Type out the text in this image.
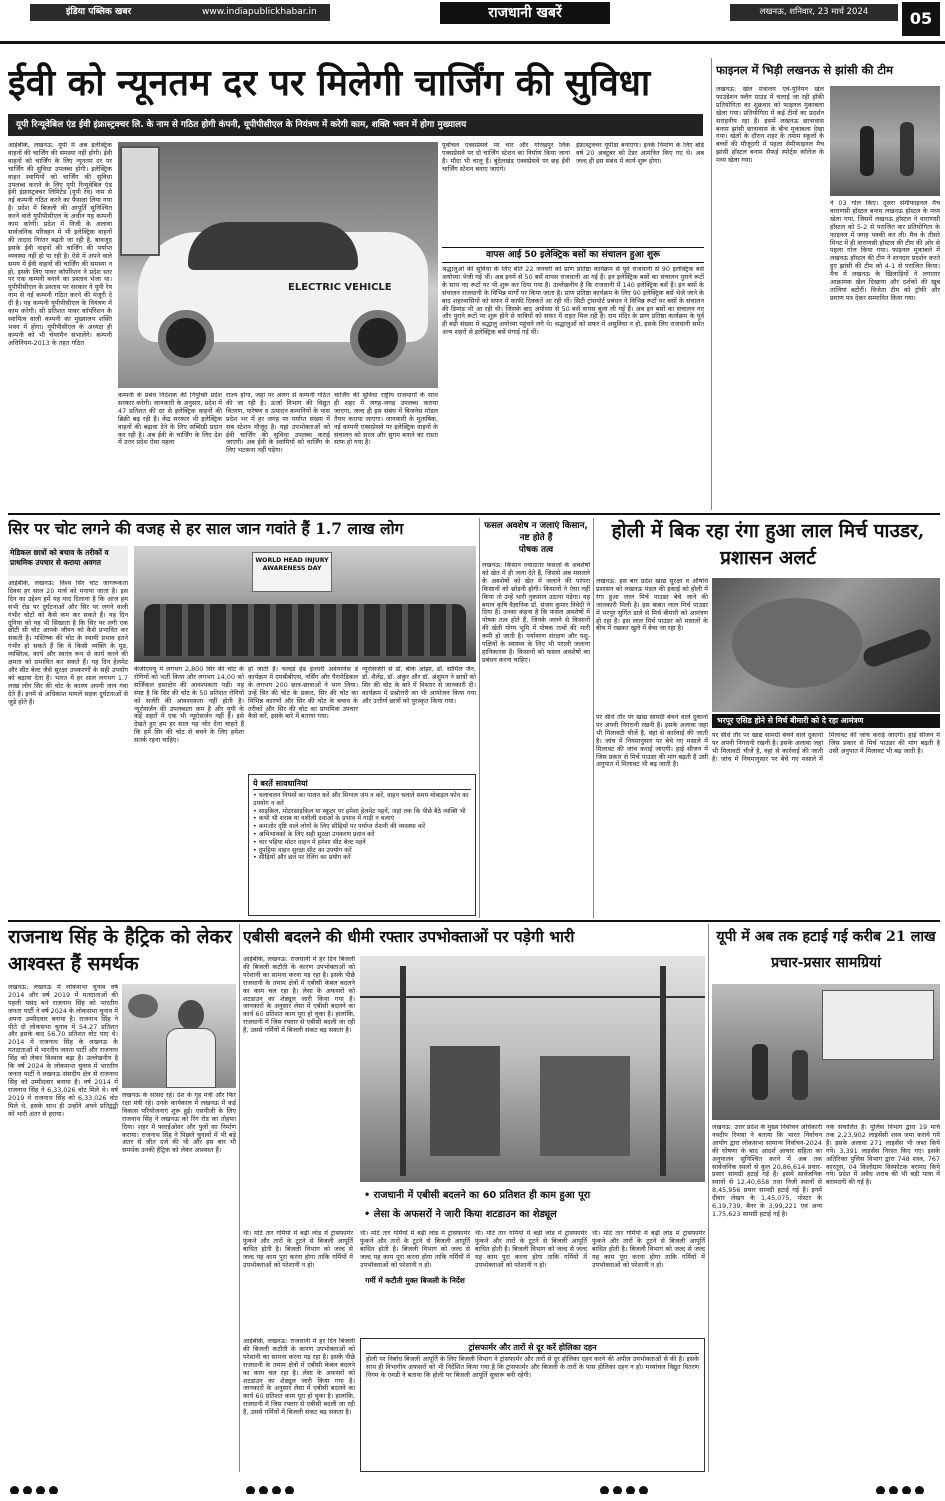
इंडिया पब्लिक खबर	www.indiapublickhabar.in	राजधानी खबरें	लखनऊ, शनिवार, 23 मार्च 2024	05
ईवी को न्यूनतम दर पर मिलेगी चार्जिंग की सुविधा
यूपी रिन्यूवेबिल एंड ईवी इंफ्रास्ट्रक्चर लि. के नाम से गठित होगी कंपनी, यूपीपीसीएल के नियंत्रण में करेगी काम, शक्ति भवन में होगा मुख्यालय
आईबीके, लखनऊ: यूपी में अब इलेक्ट्रिक वाहनों की चार्जिंग की समस्या नहीं होगी। ईवी वाहनों को चार्जिंग के लिए न्यूनतम दर पर चार्जिंग की सुविधा उपलब्ध होगी। इलेक्ट्रिक वाहन स्वामियों को चार्जिंग की सुविधा उपलब्ध कराने के लिए यूपी रिन्यूवेबिल एंड ईवी इंफ्रास्ट्रक्चर लिमिटेड (यूपी रेव) नाम से नई कम्पनी गठित करने का फैसला लिया गया है। प्रदेश में बिजली की आपूर्ति सुनिश्चित करने वाले यूपीपीसीएल के अधीन यह कम्पनी काम करेगी। प्रदेश में निजी के अलावा सार्वजनिक परिवहन में भी इलेक्ट्रिक वाहनों की तादाद निरंतर बढ़ती जा रही है, बावजूद इसके ईवी वाहनों की चार्जिंग की पर्याप्त व्यवस्था नहीं हो पा रही है। ऐसे में अपने वाले समय में ईवी वाहनों की चार्जिंग की समस्या न हो, इसके लिए पावर कॉर्पोरेशन ने प्रदेश स्तर पर एक कम्पनी बनाने का प्रस्ताव भेजा था। यूपीपीसीएल के प्रस्ताव पर सरकार ने यूपी रेव नाम से नई कम्पनी गठित करने की मंजूरी दे दी है। यह कम्पनी यूपीपीसीएल के नियंत्रण में काम करेगी। सी प्रतिशत पावर कॉर्पोरेशन के स्वामित्व वाली कम्पनी का मुख्यालय शक्ति भवन में होगा। यूपीपीसीएल के अध्यक्ष ही कम्पनी को भी चेयरमैन संभालेंगे। कम्पनी अधिनियम-2013 के तहत गठित
ELECTRIC VEHICLE
कम्पनी के प्रबंध निदेशक की नियुक्ति प्रदेश सरकार करेगी। जानकारी के अनुसार, प्रदेश में 47 प्रतिशत की दर से इलेक्ट्रिक वाहनों की ब्रिक्री बढ़ रही है। केंद्र सरकार भी इलेक्ट्रिक वाहनों की बढ़ावा देने के लिए सब्सिडी प्रदान कर रही है। अब ईवी के चार्जिंग के लिए देश में उत्तर प्रदेश ऐसा पहला
राज्य होगा, जहां पर अलग से कम्पनी गठित की जा रही है। ऊर्जा विभाग की विद्युत वितरण, पारेषण व उत्पादन कम्पनियों के पास प्रदेश भर में हर जगह पर पर्याप्त संख्या में सब स्टेशन मौजूद है। यहां उपभोक्ताओं को ईवी चार्जिंग की सुविधा उपलब्ध कराई जाएगी। अब ईवी के स्वामियों को चार्जिंग के लिए भटकना नहीं पड़ेगा।
चार्जिंग की सुविधा राष्ट्रीय राजमार्गों के साथ ही शहर में जगह-जगह उपलब्ध कराया जाएगा, जल्द ही इस संबंध में बिजनेस मॉडल तैयार कराया जाएगा। जानकारी के मुताबिक, नई कम्पनी एक्सप्रेसवे पर इलेक्ट्रिक वाहनों के संचालन को सरल और सुगम बनाने का रास्ता साफ हो गया है।
पूर्वांचल एक्सप्रेसवे पर चार और गोरखपुर लिंक एक्सप्रेसवे पर दो चार्जिंग स्टेशन का निर्माण किया जाना है। मौदा भी चालू हैं। बुंदेलखंड एक्सप्रेसवे पर छह ईवी चार्जिंग स्टेशन बनाए जाएंगे।
इंफ्रास्ट्रक्चर यूपीडा बनाएगा। इनके निर्माण के लिए बोर्ड वर्ष 20 अक्टूबर को टेंडर आमंत्रित किए गए थे। अब जल्द ही इस संबंध में कार्य शुरू होगा।
वापस आई 50 इलेक्ट्रिक बसों का संचालन हुआ शुरू
श्रद्धालुओं की सुविधा के लिए बीते 22 जनवरी को प्राण प्रतिष्ठा कार्यक्रम से पूर्व राजधानी से 90 इलेक्ट्रिक बसें अयोध्या भेजी गई थीं। अब इनमें से 50 बसें वापस राजधानी आ गई हैं। इन इलेक्ट्रिक बसों का संचालन पुराने रूटों के साथ नए रूटों पर भी शुरू कर दिया गया है। उल्लेखनीय है कि राजधानी में 140 इलेक्ट्रिक बसें हैं। इन बसों के संचालन राजधानी के विभिन्न मार्गों पर किया जाता है। प्राण प्रतिष्ठा कार्यक्रम के लिए 90 इलेक्ट्रिक बसें भेजे जाने के बाद शहरवासियों को सफर में काफी दिक्कतें आ रही थीं। सिटी ट्रांसपोर्ट प्रबंधन ने विभिन्न रूटों पर बसों के संचालन की डिमांड भी आ रही थी। जिसके बाद अयोध्या से 50 बसें वापस बुला ली गई हैं। अब इन बसों का संचालन नए और पुराने रूटों पर शुरू होने से यात्रियों को सफर में राहत मिल रही है। राम मंदिर के प्राण प्रतिष्ठा कार्यक्रम के पूर्व ही बड़ी संख्या में श्रद्धालु अयोध्या पहुंचने लगे थे। श्रद्धालुओं को सफर में असुविधा न हो, इसके लिए राजधानी समेत अन्य शहरों से इलेक्ट्रिक बसें मंगाई गई थीं।
फाइनल में भिड़ी लखनऊ से झांसी की टीम
लखनऊ: खेल मंत्रालय एवं-युनियन खेल फाउंडेशन फ्लैग ग्राउंड में चलाई जा रही हॉकी प्रतियोगिता का शुक्रवार को फाइनल मुकाबला खेला गया। प्रतियोगिता में कई टीमों का प्रदर्शन सराहनीय रहा है। इसमें लखनऊ छात्रावास बनाम झांसी छात्रावास के बीच मुकाबला देखा गया। खेलों के दौरान शहर के तमाम स्कूलों के बच्चों की मौजूदगी में पहला सेमीफाइनल मैच झांसी हॉस्टल बनाम सैफई स्पोर्ट्स कॉलेज के मध्य खेला गया।
ने 03 गोल किए। दूसरा सेमीफाइनल मैच वाराणसी हॉस्टल बनाम लखनऊ हॉस्टल के मध्य खेला गया, जिसमें लखनऊ हॉस्टल ने वाराणसी हॉस्टल को 5-2 से पराजित कर प्रतियोगिता के फाइनल में जगह पक्की कर ली। मैच के तीसरे मिनट में ही वाराणसी हॉस्टल की टीम की ओर से पहला गोल किया गया। फाइनल मुकाबले में लखनऊ हॉस्टल की टीम ने शानदार प्रदर्शन करते हुए झांसी की टीम को 4-1 से पराजित किया। मैच में लखनऊ के खिलाड़ियों ने लगातार आक्रामक खेल दिखाया और दर्शकों की खूब तालियां बटोरीं। विजेता टीम को ट्रॉफी और प्रमाण पत्र देकर सम्मानित किया गया।
सिर पर चोट लगने की वजह से हर साल जान गवांते हैं 1.7 लाख लोग
मेडिकल छात्रों को बचाव के तरीकों व प्राथमिक उपचार से कराया अवगत
आईबीके, लखनऊ: विश्व सिर चोट जागरूकता दिवस हर साल 20 मार्च को मनाया जाता है। इस दिन का उद्देश्य हमें यह याद दिलाना है कि आज हम सभी रोड पर दुर्घटनाओं और सिर पर लगने वाली गंभीर चोटों को कैसे कम कर सकते हैं। यह दिन दुनिया को यह भी सिखाता है कि सिर पर लगी एक छोटी सी चोट आपके जीवन को कैसे प्रभावित कर सकती है। मस्तिष्क की चोट के स्थायी प्रभाव इतने गंभीर हो सकते हैं कि वे किसी व्यक्ति के मूड, व्यक्तित्व, कार्य और स्वतंत्र रूप से कार्य करने की क्षमता को प्रभावित कर सकते हैं। यह दिन हेलमेट और सीट बेल्ट जैसे सुरक्षा उपकरणों के सही उपयोग को बढ़ावा देता है। भारत में हर साल लगभग 1.7 लाख लोग सिर की चोट के कारण अपनी जान गंवा देते हैं। इनमें से अधिकांश मामले सड़क दुर्घटनाओं से जुड़े होते हैं।
WORLD HEAD INJURY AWARENESS DAY
केजीएमयू में लगभग 2,800 सिर की चोट के रोगियों को भर्ती किया और लगभग 14,00 को सर्जिकल हस्तक्षेप की आवश्यकता पड़ी। यह स्पष्ट है कि सिर की चोट के 50 प्रतिशत रोगियों को सर्जरी की आवश्यकता नहीं होती है। न्यूरोसर्जन की उपलब्धता कम है और यूपी के कई शहरों में एक भी न्यूरोसर्जन नहीं है। इसे देखते हुए हम हर साल यह जोर देना चाहते हैं कि हमें सिर की चोट से बचने के लिए हमेशा सतर्क रहना चाहिए।
हो जाती है। चल्दर्ड हेड इंज्यरी अवेयरनेस डे कार्यक्रम में एमबीबीएस, नर्सिंग और पैरामेडिकल के लगभग 200 छात्र-छात्राओं ने भाग लिया। उन्हें सिर की चोट के प्रकार, सिर की चोट का विभिन्न कारणों और सिर की चोट के बचाव के तरीकों और सिर की चोट का प्राथमिक उपचार कैसे करें, इसके बारे में बताया गया।
न्यूरोसर्जरी से डॉ. बीके ओझा, डॉ. सोमिल जैन, डॉ. शैलेंद्र, डॉ. अंकुर और डॉ. अंशुमन ने छात्रों को सिर की चोट के बारे में विस्तार से जानकारी दी। कार्यक्रम में प्रश्नोत्तरी का भी आयोजन किया गया और उत्तीर्ण छात्रों को पुरस्कृत किया गया।
ये बरतें सावधानियां
• चलाचलन नियमों का पालन करें और सिग्नल जंप न करें, वाहन चलाते समय मोबाइल फोन का उपयोग न करें
• साइकिल, मोटरसाइकिल या स्कूटर पर हमेशा हेलमेट पहनें, जहां तक कि पीछे बैठे व्यक्ति भी
• कभी भी शराब या नशीली दवाओं के प्रभाव में गाड़ी न चलाएं
• कमजोर दृष्टि वाले लोगों के लिए सीढ़ियों पर पर्याप्त रोशनी की व्यवस्था करें
• अभिभावकों के लिए सही सुरक्षा उपकरण प्रदान करें
• चार पहिया मोटर वाहन में हमेशा सीट बेल्ट पहनें
• दुपहिया वाहन सुरक्षा सीट का उपयोग करें
• सीढ़ियों और छत पर रेलिंग का प्रयोग करें
फसल अवशेष न जलाएं किसान, नष्ट होते हैं
पोषक तत्व
लखनऊ: किसान ज्यादातर फसलों के अवशेषों को खेत में ही जला देते हैं, जिससे अब मसलले के अवशेषों को खेत में जलाने की परंपरा किसानों को छोड़नी होगी। किसानों ने ऐसा नहीं किया तो उन्हें भारी नुकसान उठाना पड़ेगा। यह बयान कृषि वैज्ञानिक डॉ. संजय कुमार त्रिवेदी ने दिया है। उनका कहना है कि फसल अवशेषों में पोषक तत्व होते हैं, जिनके जलने से किसानों की खेती योग्य भूमि में पोषक तत्वों की भारी कमी हो जाती है। पर्यावरण संरक्षण और पशु-पक्षियों के स्वास्थ्य के लिए भी पराली जलाना हानिकारक है। किसानों को फसल अवशेषों का प्रबंधन करना चाहिए।
होली में बिक रहा रंगा हुआ लाल मिर्च पाउडर, प्रशासन अलर्ट
लखनऊ: इस बार प्रदेश खाद्य सुरक्षा व औषधि प्रशासन को लखनऊ मंडल की इकाई को होली में रंगा हुआ लाल मिर्च पाउडर बेचे जाने की जानकारी मिली है। इस बाबत लाल मिर्च पाउडर में भरपूर सुगिंत डाले से मिर्च बीमारी को आमंत्रण हो रहा है। इस लाल मिर्च पाउडर को मसालों के बीच में रखकर खुले में बेचा जा रहा है।
भरपूर एसिड होने से मिर्च बीमारी को दे रहा आमंत्रण
पर सीधे तौर पर खाद्य सामग्री बेचने वाले दुकानों पर अपनी निगरानी रखनी है। इसके अलावा जहां भी मिलावटी चीजें है, वहां से कार्रवाई की जाती है। जांच में नियमानुसार पर बेचे गए मसाले में मिलावट की जांच कराई जाएगी। हाई सीजन में जिस प्रकार से मिर्च पाउडर की मांग बढ़ती है उसी अनुपात में मिलावट भी बढ़ जाती है।
पर सीधे तौर पर खाद्य सामग्री बेचने वाले दुकानों पर अपनी निगरानी रखनी है। इसके अलावा जहां भी मिलावटी चीजें है, वहां से कार्रवाई की जाती है। जांच में नियमानुसार पर बेचे गए मसाले में मिलावट की जांच कराई जाएगी। हाई सीजन में जिस प्रकार से मिर्च पाउडर की मांग बढ़ती है उसी अनुपात में मिलावट भी बढ़ जाती है।
राजनाथ सिंह के हैट्रिक को लेकर आश्वस्त हैं समर्थक
लखनऊ: लखनऊ में लोकसभा चुनाव वर्ष 2014 और वर्ष 2019 में मतदाताओं की पहली पसंद बने राजनाथ सिंह को भारतीय जनता पार्टी ने वर्ष 2024 के लोकसभा चुनाव में अपना उम्मीदवार बनाया है। राजनाथ सिंह ने पीते दो लोकसभा चुनाव में 54.27 प्रतिशत और इसके बाद 56.70 प्रतिशत वोट पाए थे। 2014 में राजनाथ सिंह के लखनऊ के मतदाताओं में भारतीय जनता पार्टी और राजनाथ सिंह को लेकर विश्वास बढ़ा है। उल्लेखनीय है कि वर्ष 2024 के लोकसभा चुनाव में भारतीय जनता पार्टी ने लखनऊ संसदीय क्षेत्र से राजनाथ सिंह को उम्मीदवार बनाया है। वर्ष 2014 में राजनाथ सिंह ने 6,33,026 वोट मिले थे। वर्ष 2019 में राजनाथ सिंह को 6,33,026 वोट मिले थे, इसके साथ ही उन्होंने अपने प्रतिद्वंद्वी को भारी अंतर से हराया।
लखनऊ के सांसद रहे। देश के गृह मंत्री और फिर रक्षा मंत्री रहे। उनके कार्यकाल में लखनऊ में कई विकास परियोजनाएं शुरू हुईं। एसपीजी के लिए राजनाथ सिंह ने लखनऊ को रिंग रोड का तोहफा दिया। शहर में फ्लाईओवर और पुलों का निर्माण कराया। राजनाथ सिंह ने पिछले चुनावों में भी बड़े अंतर से जीत दर्ज की थी और इस बार भी समर्थक उनकी हैट्रिक को लेकर आश्वस्त हैं।
एबीसी बदलने की धीमी रफ्तार उपभोक्ताओं पर पड़ेगी भारी
आईबीके, लखनऊ: राजधानी में हर दिन बिजली की बिजली कटौती के कारण उपभोक्ताओं को परेशानी का सामना करना पड़ रहा है। इसके पीछे राजधानी के तमाम क्षेत्रों में एबीसी केबल बदलने का काम चल रहा है। लेसा के अफसरों को शटडाउन का शेड्यूल जारी किया गया है। जानकारों के अनुसार लेसा में एबीसी बदलने का कार्य 60 प्रतिशत काम पूरा हो चुका है। हालांकि, राजधानी में जिस रफ्तार से एबीसी बदली जा रही है, उससे गर्मियों में बिजली संकट बढ़ सकता है।
• राजधानी में एबीसी बदलने का 60 प्रतिशत ही काम हुआ पूरा
• लेसा के अफसरों ने जारी किया शटडाउन का शेड्यूल
थी। मोटे तार गर्मियों में बढ़ी लोड में ट्रांसफार्मर फुंकने और तारों के टूटने से बिजली आपूर्ति बाधित होती है। बिजली विभाग को जल्द से जल्द यह काम पूरा करना होगा ताकि गर्मियों में उपभोक्ताओं को परेशानी न हो।
गर्मी में कटौती मुक्त बिजली के निर्देश
थी। मोटे तार गर्मियों में बढ़ी लोड में ट्रांसफार्मर फुंकने और तारों के टूटने से बिजली आपूर्ति बाधित होती है। बिजली विभाग को जल्द से जल्द यह काम पूरा करना होगा ताकि गर्मियों में उपभोक्ताओं को परेशानी न हो।
थी। मोटे तार गर्मियों में बढ़ी लोड में ट्रांसफार्मर फुंकने और तारों के टूटने से बिजली आपूर्ति बाधित होती है। बिजली विभाग को जल्द से जल्द यह काम पूरा करना होगा ताकि गर्मियों में उपभोक्ताओं को परेशानी न हो।
थी। मोटे तार गर्मियों में बढ़ी लोड में ट्रांसफार्मर फुंकने और तारों के टूटने से बिजली आपूर्ति बाधित होती है। बिजली विभाग को जल्द से जल्द यह काम पूरा करना होगा ताकि गर्मियों में उपभोक्ताओं को परेशानी न हो।
ट्रांसफार्मर और तारों से दूर करें होलिका दहन
होली पर निर्बाध बिजली आपूर्ति के लिए बिजली विभाग ने ट्रांसफार्मर और तारों से दूर होलिका दहन करने की अपील उपभोक्ताओं से की है। इसके साथ ही विभागीय अफसरों को भी निर्देशित किया गया है कि ट्रांसफार्मर और बिजली के तारों के पास होलिका दहन न हो। मध्यांचल विद्युत वितरण निगम के एमडी ने बताया कि होली पर बिजली आपूर्ति सुचारू बनी रहेगी।
आईबीके, लखनऊ: राजधानी में हर दिन बिजली की बिजली कटौती के कारण उपभोक्ताओं को परेशानी का सामना करना पड़ रहा है। इसके पीछे राजधानी के तमाम क्षेत्रों में एबीसी केबल बदलने का काम चल रहा है। लेसा के अफसरों को शटडाउन का शेड्यूल जारी किया गया है। जानकारों के अनुसार लेसा में एबीसी बदलने का कार्य 60 प्रतिशत काम पूरा हो चुका है। हालांकि, राजधानी में जिस रफ्तार से एबीसी बदली जा रही है, उससे गर्मियों में बिजली संकट बढ़ सकता है।
यूपी में अब तक हटाई गई करीब 21 लाख प्रचार-प्रसार सामग्रियां
लखनऊ: उत्तर प्रदेश के मुख्य निर्वाचन अधिकारी नवदीप रिणवा ने बताया कि भारत निर्वाचन आयोग द्वारा लोकसभा सामान्य निर्वाचन-2024 की घोषणा के बाद आदर्श आचार संहिता का अनुपालन सुनिश्चित करने में अब तक सार्वजनिक स्थलों से कुल 20,86,614 प्रचार-प्रसार सामग्री हटाई गई हैं। इसमें सार्वजनिक स्थानों से 12,40,658 तथा निजी स्थानों से 8,45,956 प्रचार सामग्री हटाई गई है। इनमें दीवार लेखन के 1,45,075, पोस्टर के 6,19,739, बैनर के 3,99,221 एवं अन्य 1,75,623 सामग्री हटाई गई है।
नके संचालित हैं। पुलिस विभाग द्वारा 19 मार्च तक 2,23,902 लाइसेंसी शस्त्र जमा कराये गये हैं। इसके अलावा 271 लाइसेंस भी जब्त किये गये। 3,391 लाइसेंस निरस्त किए गए। इसके अतिरिक्त पुलिस विभाग द्वारा 748 शस्त्र, 767 कारतूस, 04 किलोग्राम विस्फोटक बरामद किये गये। प्रदेश में अवैध शराब की भी बड़ी मात्रा में बरामदगी की गई है।
